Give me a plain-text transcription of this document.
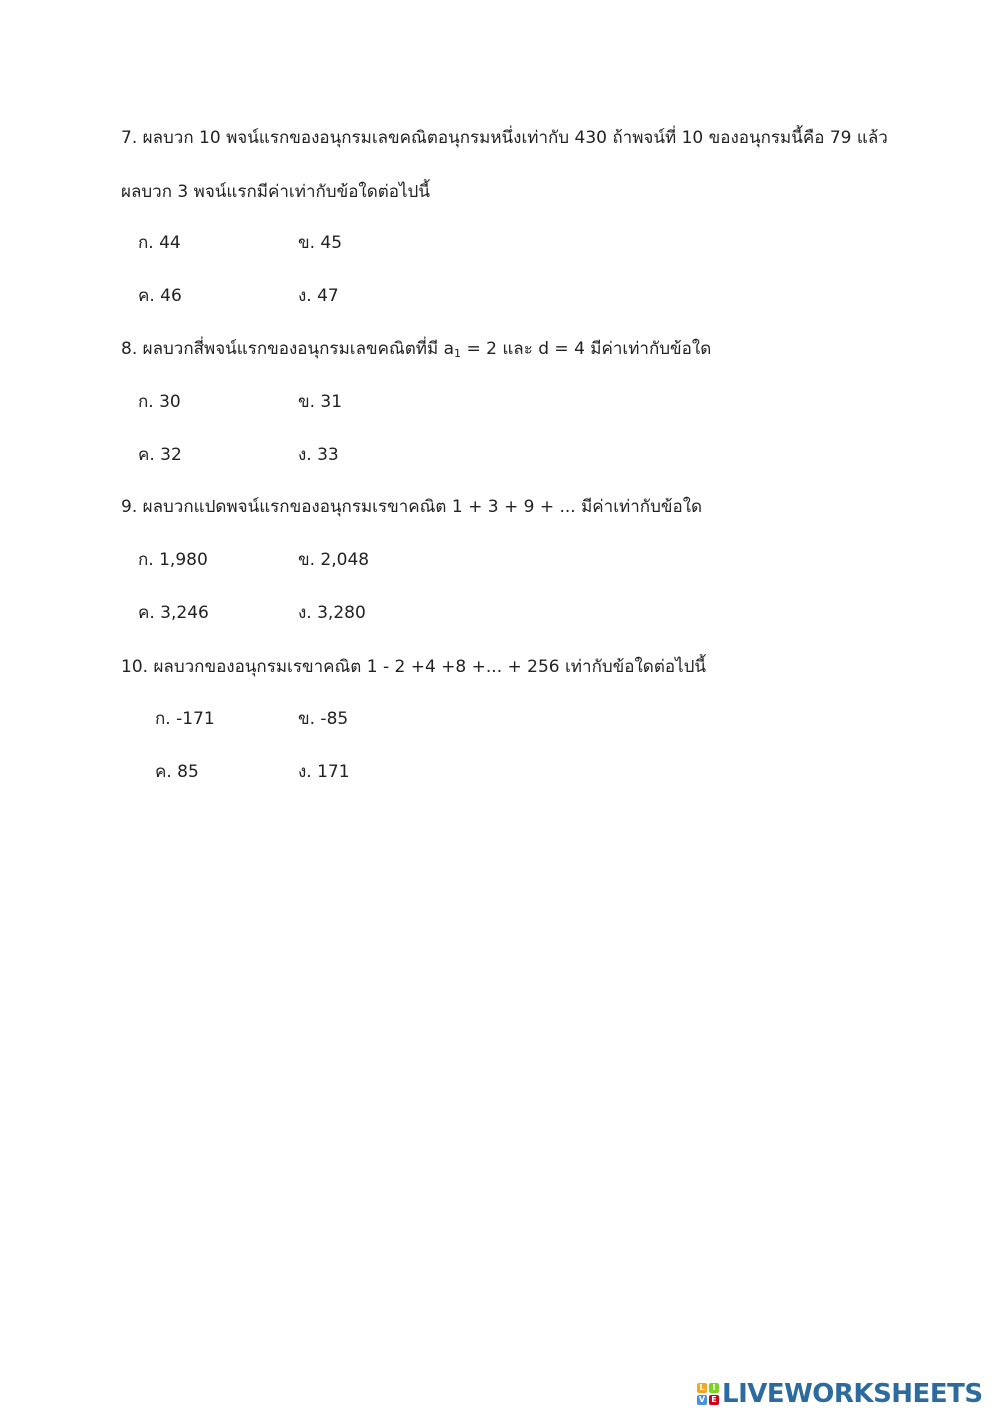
7. ผลบวก 10 พจน์แรกของอนุกรมเลขคณิตอนุกรมหนึ่งเท่ากับ 430 ถ้าพจน์ที่ 10 ของอนุกรมนี้คือ 79 แล้ว
ผลบวก 3 พจน์แรกมีค่าเท่ากับข้อใดต่อไปนี้
ก. 44	ข. 45
ค. 46	ง. 47
8. ผลบวกสี่พจน์แรกของอนุกรมเลขคณิตที่มี $a_1 = 2$ และ d = 4 มีค่าเท่ากับข้อใด
ก. 30	ข. 31
ค. 32	ง. 33
9. ผลบวกแปดพจน์แรกของอนุกรมเรขาคณิต 1 + 3 + 9 + ... มีค่าเท่ากับข้อใด
ก. 1,980	ข. 2,048
ค. 3,246	ง. 3,280
10. ผลบวกของอนุกรมเรขาคณิต 1 - 2 +4 +8 +... + 256 เท่ากับข้อใดต่อไปนี้
ก. -171	ข. -85
ค. 85	ง. 171
L I
V E LIVEWORKSHEETS
